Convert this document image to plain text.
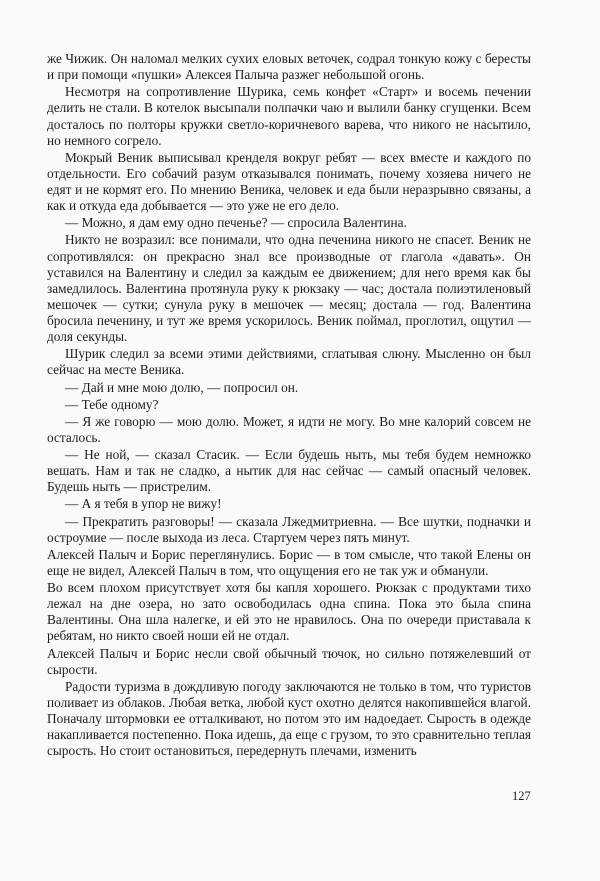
же Чижик. Он наломал мелких сухих еловых веточек, содрал тонкую кожу с бересты и при помощи «пушки» Алексея Палыча разжег небольшой огонь.

Несмотря на сопротивление Шурика, семь конфет «Старт» и восемь печении делить не стали. В котелок высыпали полпачки чаю и вылили банку сгущенки. Всем досталось по полторы кружки светло-коричневого варева, что никого не насытило, но немного согрело.

Мокрый Веник выписывал кренделя вокруг ребят — всех вместе и каждого по отдельности. Его собачий разум отказывался понимать, почему хозяева ничего не едят и не кормят его. По мнению Веника, человек и еда были неразрывно связаны, а как и откуда еда добывается — это уже не его дело.

— Можно, я дам ему одно печенье? — спросила Валентина.

Никто не возразил: все понимали, что одна печенина никого не спасет. Веник не сопротивлялся: он прекрасно знал все производные от глагола «давать». Он уставился на Валентину и следил за каждым ее движением; для него время как бы замедлилось. Валентина протянула руку к рюкзаку — час; достала полиэтиленовый мешочек — сутки; сунула руку в мешочек — месяц; достала — год. Валентина бросила печенину, и тут же время ускорилось. Веник поймал, проглотил, ощутил — доля секунды.

Шурик следил за всеми этими действиями, сглатывая слюну. Мысленно он был сейчас на месте Веника.

— Дай и мне мою долю, — попросил он.

— Тебе одному?

— Я же говорю — мою долю. Может, я идти не могу. Во мне калорий совсем не осталось.

— Не ной, — сказал Стасик. — Если будешь ныть, мы тебя будем немножко вешать. Нам и так не сладко, а нытик для нас сейчас — самый опасный человек. Будешь ныть — пристрелим.

— А я тебя в упор не вижу!

— Прекратить разговоры! — сказала Лжедмитриевна. — Все шутки, подначки и остроумие — после выхода из леса. Стартуем через пять минут.

Алексей Палыч и Борис переглянулись. Борис — в том смысле, что такой Елены он еще не видел, Алексей Палыч в том, что ощущения его не так уж и обманули.

Во всем плохом присутствует хотя бы капля хорошего. Рюкзак с продуктами тихо лежал на дне озера, но зато освободилась одна спина. Пока это была спина Валентины. Она шла налегке, и ей это не нравилось. Она по очереди приставала к ребятам, но никто своей ноши ей не отдал.

Алексей Палыч и Борис несли свой обычный тючок, но сильно потяжелевший от сырости.

Радости туризма в дождливую погоду заключаются не только в том, что туристов поливает из облаков. Любая ветка, любой куст охотно делятся накопившейся влагой. Поначалу штормовки ее отталкивают, но потом это им надоедает. Сырость в одежде накапливается постепенно. Пока идешь, да еще с грузом, то это сравнительно теплая сырость. Но стоит остановиться, передернуть плечами, изменить

127
